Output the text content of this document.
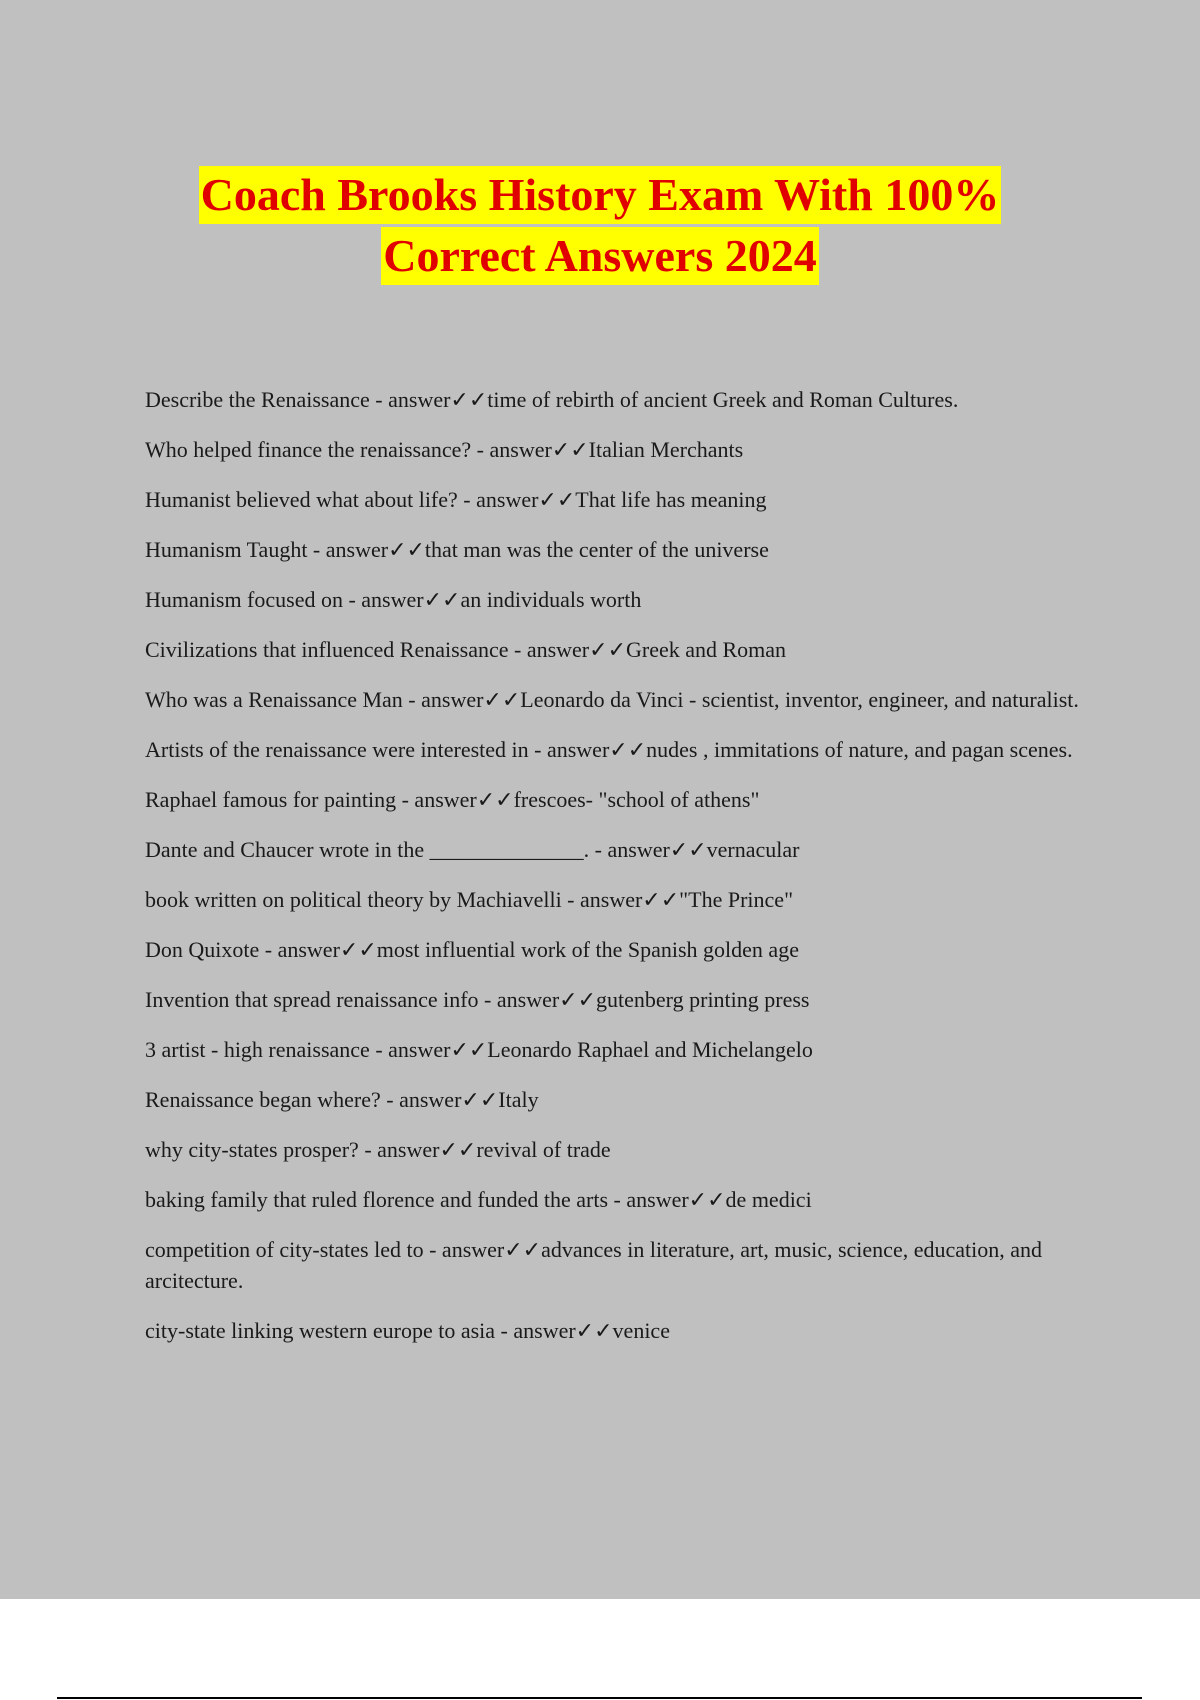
Coach Brooks History Exam With 100%
Correct Answers 2024
Describe the Renaissance - answer✓✓time of rebirth of ancient Greek and Roman Cultures.
Who helped finance the renaissance? - answer✓✓Italian Merchants
Humanist believed what about life? - answer✓✓That life has meaning
Humanism Taught - answer✓✓that man was the center of the universe
Humanism focused on - answer✓✓an individuals worth
Civilizations that influenced Renaissance - answer✓✓Greek and Roman
Who was a Renaissance Man - answer✓✓Leonardo da Vinci - scientist, inventor, engineer, and naturalist.
Artists of the renaissance were interested in - answer✓✓nudes , immitations of nature, and pagan scenes.
Raphael famous for painting - answer✓✓frescoes- "school of athens"
Dante and Chaucer wrote in the ______________. - answer✓✓vernacular
book written on political theory by Machiavelli - answer✓✓"The Prince"
Don Quixote - answer✓✓most influential work of the Spanish golden age
Invention that spread renaissance info - answer✓✓gutenberg printing press
3 artist - high renaissance - answer✓✓Leonardo Raphael and Michelangelo
Renaissance began where? - answer✓✓Italy
why city-states prosper? - answer✓✓revival of trade
baking family that ruled florence and funded the arts - answer✓✓de medici
competition of city-states led to - answer✓✓advances in literature, art, music, science, education, and arcitecture.
city-state linking western europe to asia - answer✓✓venice
